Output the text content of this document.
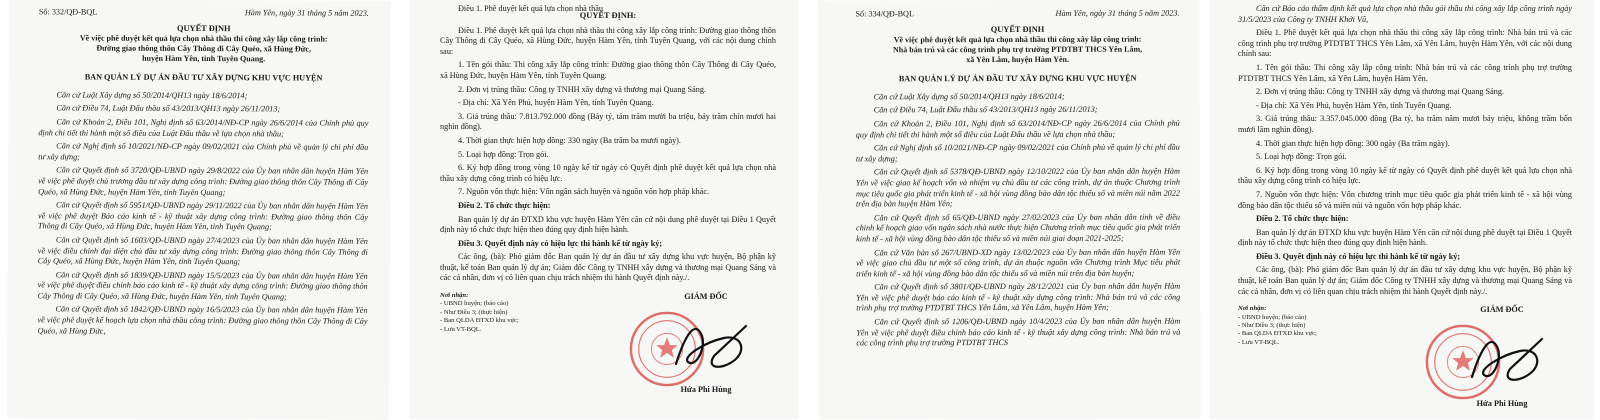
Số: 332/QĐ-BQL	Hàm Yên, ngày 31 tháng 5 năm 2023.
QUYẾT ĐỊNH
Về việc phê duyệt kết quả lựa chọn nhà thầu thi công xây lắp công trình:
Đường giao thông thôn Cây Thông đi Cây Quéo, xã Hùng Đức,
huyện Hàm Yên, tỉnh Tuyên Quang.
BAN QUẢN LÝ DỰ ÁN ĐẦU TƯ XÂY DỰNG KHU VỰC HUYỆN
Căn cứ Luật Xây dựng số 50/2014/QH13 ngày 18/6/2014;
Căn cứ Điều 74, Luật Đấu thầu số 43/2013/QH13 ngày 26/11/2013;
Căn cứ Khoản 2, Điều 101, Nghị định số 63/2014/NĐ-CP ngày 26/6/2014 của Chính phủ quy định chi tiết thi hành một số điều của Luật Đấu thầu về lựa chọn nhà thầu;
Căn cứ Nghị định số 10/2021/NĐ-CP ngày 09/02/2021 của Chính phủ về quản lý chi phí đầu tư xây dựng;
Căn cứ Quyết định số 3720/QĐ-UBND ngày 29/8/2022 của Ủy ban nhân dân huyện Hàm Yên về việc phê duyệt chủ trương đầu tư xây dựng công trình: Đường giao thông thôn Cây Thông đi Cây Quéo, xã Hùng Đức, huyện Hàm Yên, tỉnh Tuyên Quang;
Căn cứ Quyết định số 5951/QĐ-UBND ngày 29/11/2022 của Ủy ban nhân dân huyện Hàm Yên về việc phê duyệt Báo cáo kinh tế - kỹ thuật xây dựng công trình: Đường giao thông thôn Cây Thông đi Cây Quéo, xã Hùng Đức, huyện Hàm Yên, tỉnh Tuyên Quang;
Căn cứ Quyết định số 1603/QĐ-UBND ngày 27/4/2023 của Ủy ban nhân dân huyện Hàm Yên về việc điều chỉnh đại diện chủ đầu tư xây dựng công trình: Đường giao thông thôn Cây Thông đi Cây Quéo, xã Hùng Đức, huyện Hàm Yên, tỉnh Tuyên Quang;
Căn cứ Quyết định số 1839/QĐ-UBND ngày 15/5/2023 của Ủy ban nhân dân huyện Hàm Yên về việc phê duyệt điều chỉnh báo cáo kinh tế - kỹ thuật xây dựng công trình: Đường giao thông thôn Cây Thông đi Cây Quéo, xã Hùng Đức, huyện Hàm Yên, tỉnh Tuyên Quang;
Căn cứ Quyết định số 1842/QĐ-UBND ngày 16/5/2023 của Ủy ban nhân dân huyện Hàm Yên về việc phê duyệt kế hoạch lựa chọn nhà thầu công trình: Đường giao thông thôn Cây Thông đi Cây Quéo, xã Hùng Đức,
Điều 1. Phê duyệt kết quả lựa chọn nhà thầu
QUYẾT ĐỊNH:
Điều 1. Phê duyệt kết quả lựa chọn nhà thầu thi công xây lắp công trình: Đường giao thông thôn Cây Thông đi Cây Quéo, xã Hùng Đức, huyện Hàm Yên, tỉnh Tuyên Quang, với các nội dung chính sau:
1. Tên gói thầu: Thi công xây lắp công trình: Đường giao thông thôn Cây Thông đi Cây Quéo, xã Hùng Đức, huyện Hàm Yên, tỉnh Tuyên Quang.
2. Đơn vị trúng thầu: Công ty TNHH xây dựng và thương mại Quang Sáng.
- Địa chỉ: Xã Yên Phú, huyện Hàm Yên, tỉnh Tuyên Quang.
3. Giá trúng thầu: 7.813.792.000 đồng (Bảy tỷ, tám trăm mười ba triệu, bảy trăm chín mươi hai nghìn đồng).
4. Thời gian thực hiện hợp đồng: 330 ngày (Ba trăm ba mươi ngày).
5. Loại hợp đồng: Trọn gói.
6. Ký hợp đồng trong vòng 10 ngày kể từ ngày có Quyết định phê duyệt kết quả lựa chọn nhà thầu xây dựng công trình có hiệu lực.
7. Nguồn vốn thực hiện: Vốn ngân sách huyện và nguồn vốn hợp pháp khác.
Điều 2. Tổ chức thực hiện:
Ban quản lý dự án ĐTXD khu vực huyện Hàm Yên căn cứ nội dung phê duyệt tại Điều 1 Quyết định này tổ chức thực hiện theo đúng quy định hiện hành.
Điều 3. Quyết định này có hiệu lực thi hành kể từ ngày ký;
Các ông, (bà): Phó giám đốc Ban quản lý dự án đầu tư xây dựng khu vực huyện, Bộ phận kỹ thuật, kế toán Ban quản lý dự án; Giám đốc Công ty TNHH xây dựng và thương mại Quang Sáng và các cá nhân, đơn vị có liên quan chịu trách nhiệm thi hành Quyết định này./.
Nơi nhận:
- UBND huyện; (báo cáo)
- Như Điều 3; (thực hiện)
- Ban QLDA ĐTXD khu vực;
- Lưu VT-BQL.
GIÁM ĐỐC
Hứa Phi Hùng
Số: 334/QĐ-BQL	Hàm Yên, ngày 31 tháng 5 năm 2023.
QUYẾT ĐỊNH
Về việc phê duyệt kết quả lựa chọn nhà thầu thi công xây lắp công trình:
Nhà bán trú và các công trình phụ trợ trường PTDTBT THCS Yên Lâm,
xã Yên Lâm, huyện Hàm Yên.
BAN QUẢN LÝ DỰ ÁN ĐẦU TƯ XÂY DỰNG KHU VỰC HUYỆN
Căn cứ Luật Xây dựng số 50/2014/QH13 ngày 18/6/2014;
Căn cứ Điều 74, Luật Đấu thầu số 43/2013/QH13 ngày 26/11/2013;
Căn cứ Khoản 2, Điều 101, Nghị định số 63/2014/NĐ-CP ngày 26/6/2014 của Chính phủ quy định chi tiết thi hành một số điều của Luật Đấu thầu về lựa chọn nhà thầu;
Căn cứ Nghị định số 10/2021/NĐ-CP ngày 09/02/2021 của Chính phủ về quản lý chi phí đầu tư xây dựng;
Căn cứ Quyết định số 5378/QĐ-UBND ngày 12/10/2022 của Ủy ban nhân dân huyện Hàm Yên về việc giao kế hoạch vốn và nhiệm vụ chủ đầu tư các công trình, dự án thuộc Chương trình mục tiêu quốc gia phát triển kinh tế - xã hội vùng đồng bào dân tộc thiểu số và miền núi năm 2022 trên địa bàn huyện Hàm Yên;
Căn cứ Quyết định số 65/QĐ-UBND ngày 27/02/2023 của Ủy ban nhân dân tỉnh về điều chỉnh kế hoạch giao vốn ngân sách nhà nước thực hiện Chương trình mục tiêu quốc gia phát triển kinh tế - xã hội vùng đồng bào dân tộc thiểu số và miền núi giai đoạn 2021-2025;
Căn cứ Văn bản số 267/UBND-XD ngày 13/02/2023 của Ủy ban nhân dân huyện Hàm Yên về việc giao chủ đầu tư một số công trình, dự án thuộc nguồn vốn Chương trình Mục tiêu phát triển kinh tế - xã hội vùng đồng bào dân tộc thiểu số và miền núi trên địa bàn huyện;
Căn cứ Quyết định số 3801/QĐ-UBND ngày 28/12/2021 của Ủy ban nhân dân huyện Hàm Yên về việc phê duyệt báo cáo kinh tế - kỹ thuật xây dựng công trình: Nhà bán trú và các công trình phụ trợ trường PTDTBT THCS Yên Lâm, xã Yên Lâm, huyện Hàm Yên;
Căn cứ Quyết định số 1206/QĐ-UBND ngày 10/4/2023 của Ủy ban nhân dân huyện Hàm Yên về việc phê duyệt điều chỉnh báo cáo kinh tế - kỹ thuật xây dựng công trình: Nhà bán trú và các công trình phụ trợ trường PTDTBT THCS
Căn cứ Báo cáo thẩm định kết quả lựa chọn nhà thầu gói thầu thi công xây lắp công trình ngày 31/5/2023 của Công ty TNHH Khởi Vũ,
Điều 1. Phê duyệt kết quả lựa chọn nhà thầu thi công xây lắp công trình: Nhà bán trú và các công trình phụ trợ trường PTDTBT THCS Yên Lâm, xã Yên Lâm, huyện Hàm Yên, với các nội dung chính sau:
1. Tên gói thầu: Thi công xây lắp công trình: Nhà bán trú và các công trình phụ trợ trường PTDTBT THCS Yên Lâm, xã Yên Lâm, huyện Hàm Yên.
2. Đơn vị trúng thầu: Công ty TNHH xây dựng và thương mại Quang Sáng.
- Địa chỉ: Xã Yên Phú, huyện Hàm Yên, tỉnh Tuyên Quang.
3. Giá trúng thầu: 3.357.045.000 đồng (Ba tỷ, ba trăm năm mươi bảy triệu, không trăm bốn mươi lăm nghìn đồng).
4. Thời gian thực hiện hợp đồng: 300 ngày (Ba trăm ngày).
5. Loại hợp đồng: Trọn gói.
6. Ký hợp đồng trong vòng 10 ngày kể từ ngày có Quyết định phê duyệt kết quả lựa chọn nhà thầu xây dựng công trình có hiệu lực.
7. Nguồn vốn thực hiện: Vốn chương trình mục tiêu quốc gia phát triển kinh tế - xã hội vùng đồng bào dân tộc thiểu số và miền núi và nguồn vốn hợp pháp khác.
Điều 2. Tổ chức thực hiện:
Ban quản lý dự án ĐTXD khu vực huyện Hàm Yên căn cứ nội dung phê duyệt tại Điều 1 Quyết định này tổ chức thực hiện theo đúng quy định hiện hành.
Điều 3. Quyết định này có hiệu lực thi hành kể từ ngày ký;
Các ông, (bà): Phó giám đốc Ban quản lý dự án đầu tư xây dựng khu vực huyện, Bộ phận kỹ thuật, kế toán Ban quản lý dự án; Giám đốc Công ty TNHH xây dựng và thương mại Quang Sáng và các cá nhân, đơn vị có liên quan chịu trách nhiệm thi hành Quyết định này./.
Nơi nhận:
- UBND huyện; (báo cáo)
- Như Điều 3; (thực hiện)
- Ban QLDA ĐTXD khu vực;
- Lưu VT-BQL.
GIÁM ĐỐC
Hứa Phi Hùng
